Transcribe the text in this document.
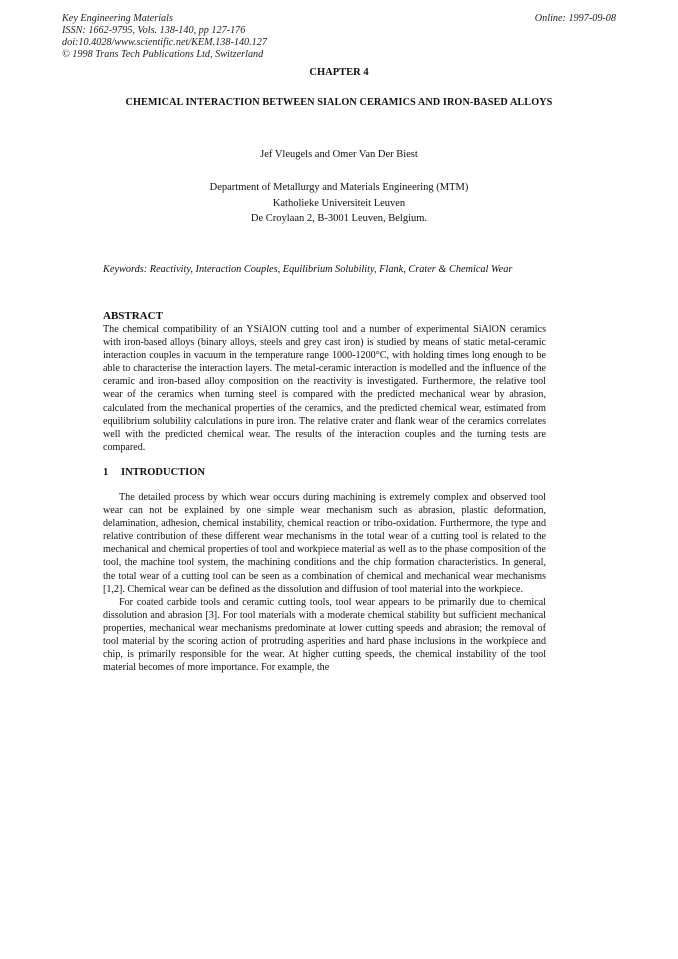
Key Engineering Materials
ISSN: 1662-9795, Vols. 138-140, pp 127-176
doi:10.4028/www.scientific.net/KEM.138-140.127
© 1998 Trans Tech Publications Ltd, Switzerland
Online: 1997-09-08
CHAPTER 4
CHEMICAL INTERACTION BETWEEN SIALON CERAMICS AND IRON-BASED ALLOYS
Jef Vleugels and Omer Van Der Biest
Department of Metallurgy and Materials Engineering (MTM)
Katholieke Universiteit Leuven
De Croylaan 2, B-3001 Leuven, Belgium.
Keywords: Reactivity, Interaction Couples, Equilibrium Solubility, Flank, Crater & Chemical Wear
ABSTRACT
The chemical compatibility of an YSiAlON cutting tool and a number of experimental SiAlON ceramics with iron-based alloys (binary alloys, steels and grey cast iron) is studied by means of static metal-ceramic interaction couples in vacuum in the temperature range 1000-1200°C, with holding times long enough to be able to characterise the interaction layers. The metal-ceramic interaction is modelled and the influence of the ceramic and iron-based alloy composition on the reactivity is investigated. Furthermore, the relative tool wear of the ceramics when turning steel is compared with the predicted mechanical wear by abrasion, calculated from the mechanical properties of the ceramics, and the predicted chemical wear, estimated from equilibrium solubility calculations in pure iron. The relative crater and flank wear of the ceramics correlates well with the predicted chemical wear. The results of the interaction couples and the turning tests are compared.
1 INTRODUCTION

The detailed process by which wear occurs during machining is extremely complex and observed tool wear can not be explained by one simple wear mechanism such as abrasion, plastic deformation, delamination, adhesion, chemical instability, chemical reaction or tribo-oxidation. Furthermore, the type and relative contribution of these different wear mechanisms in the total wear of a cutting tool is related to the mechanical and chemical properties of tool and workpiece material as well as to the phase composition of the tool, the machine tool system, the machining conditions and the chip formation characteristics. In general, the total wear of a cutting tool can be seen as a combination of chemical and mechanical wear mechanisms [1,2]. Chemical wear can be defined as the dissolution and diffusion of tool material into the workpiece.

For coated carbide tools and ceramic cutting tools, tool wear appears to be primarily due to chemical dissolution and abrasion [3]. For tool materials with a moderate chemical stability but sufficient mechanical properties, mechanical wear mechanisms predominate at lower cutting speeds and abrasion; the removal of tool material by the scoring action of protruding asperities and hard phase inclusions in the workpiece and chip, is primarily responsible for the wear. At higher cutting speeds, the chemical instability of the tool material becomes of more importance. For example, the
